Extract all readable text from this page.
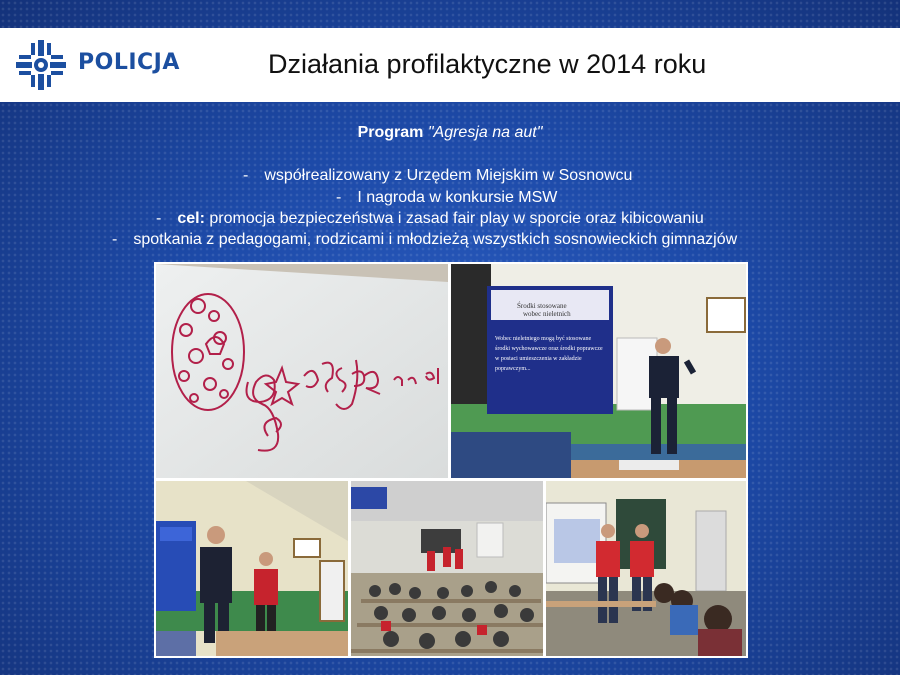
POLICJA	Działania profilaktyczne w 2014 roku
Program "Agresja na aut"
- współrealizowany z Urzędem Miejskim w Sosnowcu
- I nagroda w konkursie MSW
- cel: promocja bezpieczeństwa i zasad fair play w sporcie oraz kibicowaniu
- spotkania z pedagogami, rodzicami i młodzieżą wszystkich sosnowieckich gimnazjów
Środki stosowane
wobec nieletnich
Wobec nieletniego mogą być stosowane
środki wychowawcze oraz środki poprawcze
w postaci umieszczenia w zakładzie
poprawczym...
